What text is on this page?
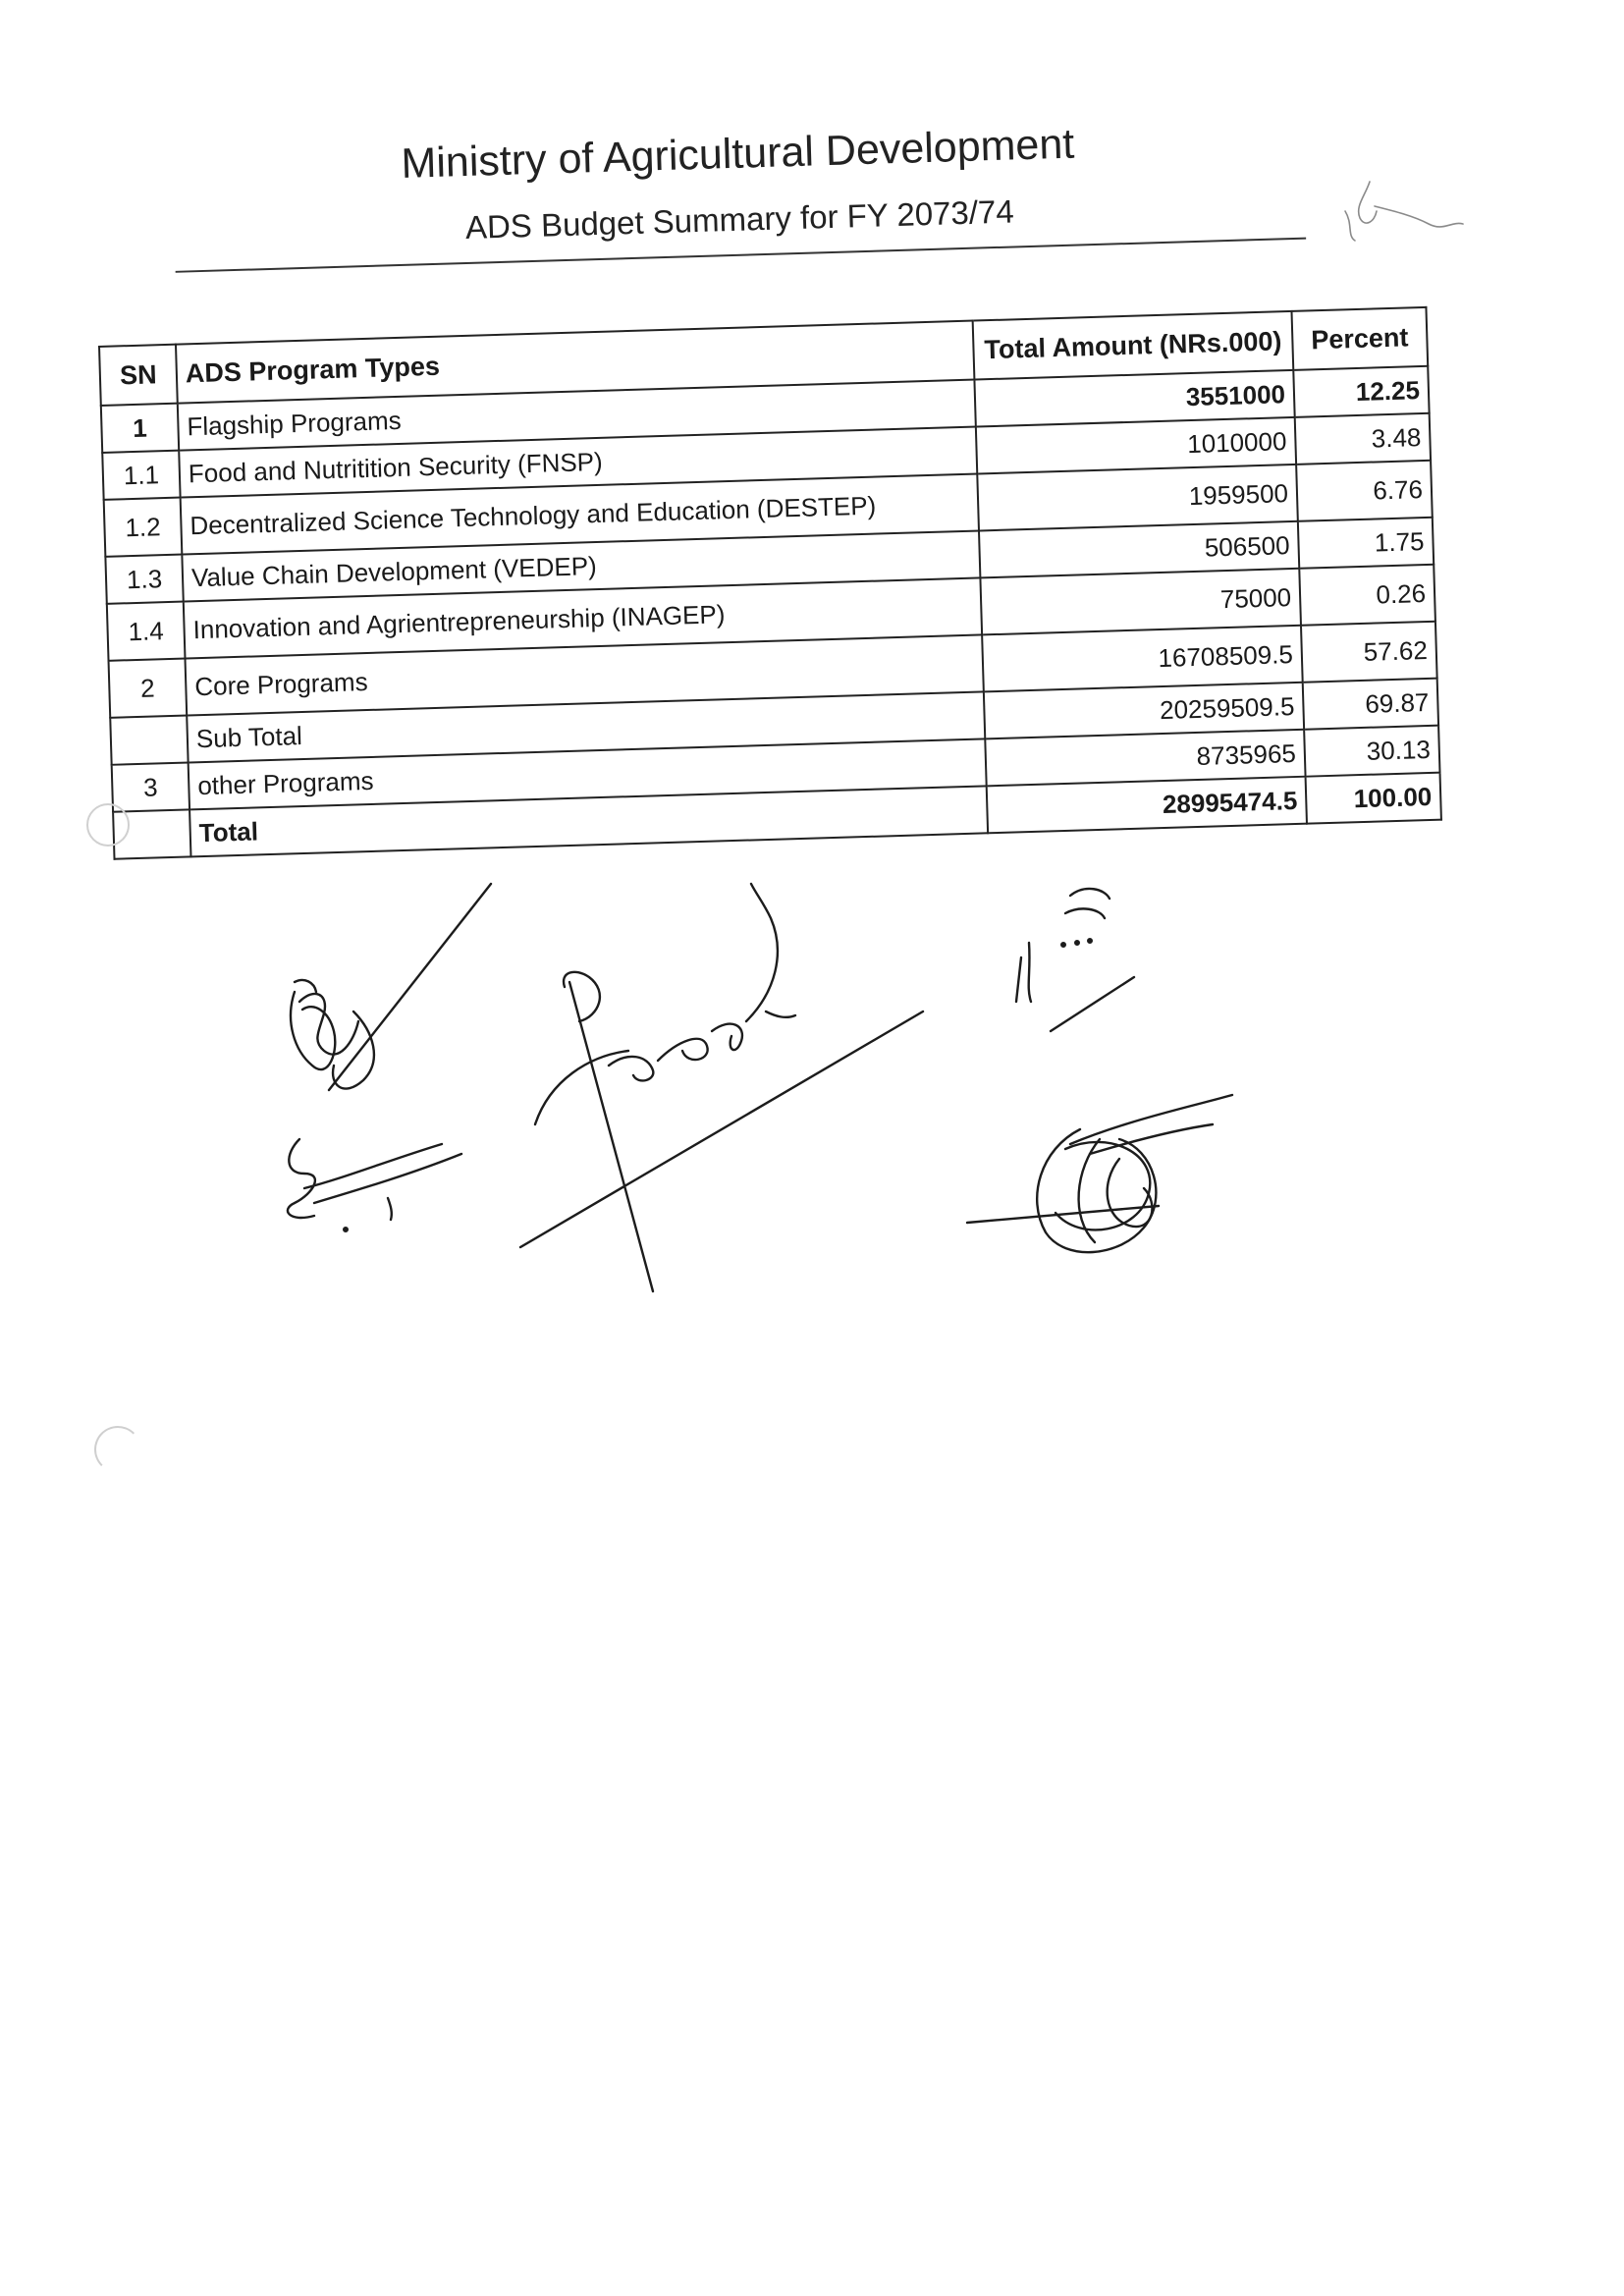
Ministry of Agricultural Development
ADS Budget Summary for FY 2073/74
SN	ADS Program Types	Total Amount (NRs.000)	Percent
1	Flagship Programs	3551000	12.25
1.1	Food and Nutritition Security (FNSP)	1010000	3.48
1.2	Decentralized Science Technology and Education (DESTEP)	1959500	6.76
1.3	Value Chain Development (VEDEP)	506500	1.75
1.4	Innovation and Agrientrepreneurship (INAGEP)	75000	0.26
2	Core Programs	16708509.5	57.62
	Sub Total	20259509.5	69.87
3	other Programs	8735965	30.13
	Total	28995474.5	100.00
